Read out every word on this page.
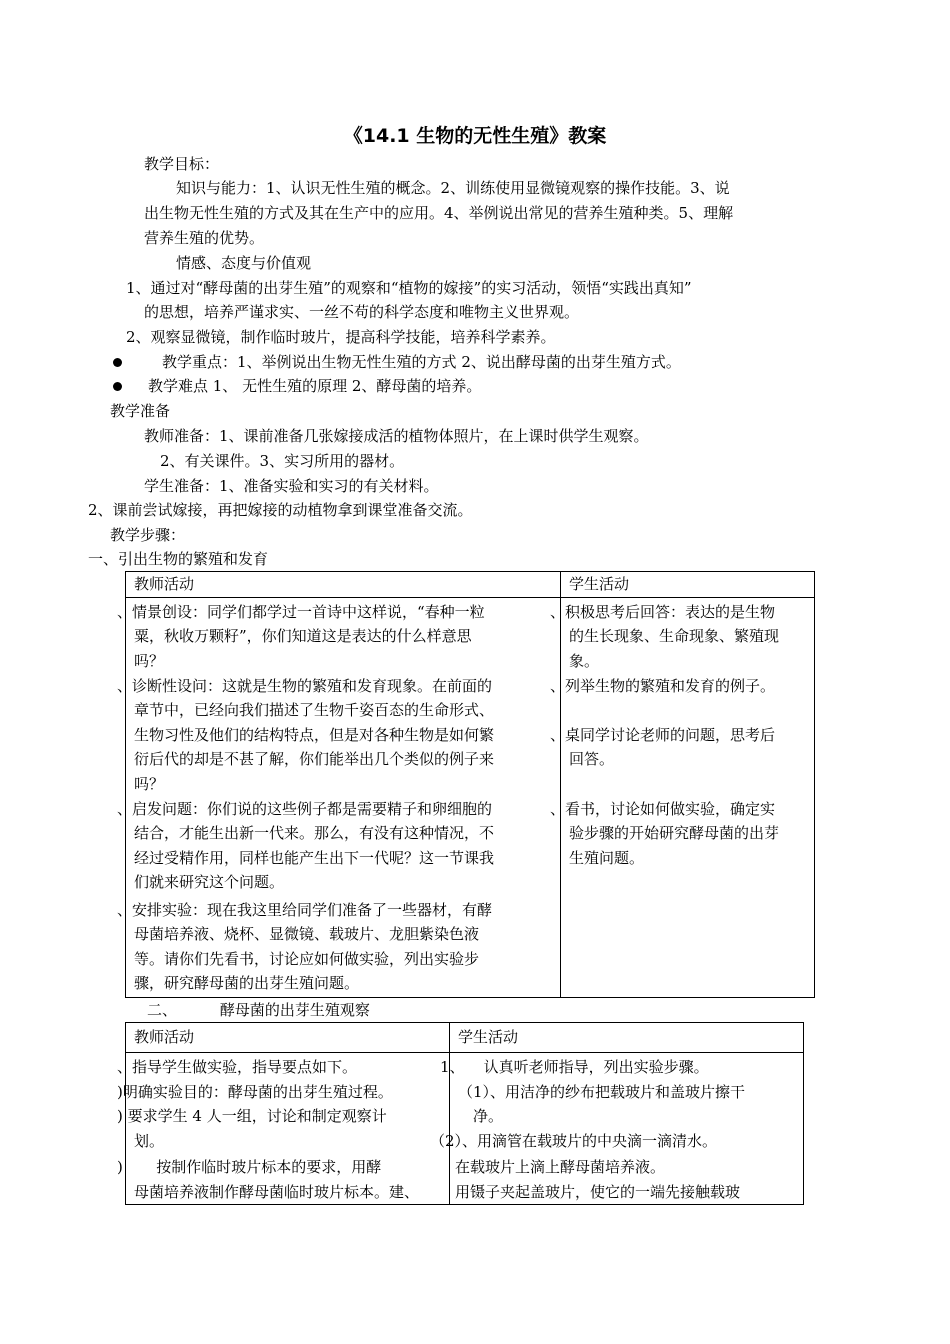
《14.1 生物的无性生殖》教案
教学目标：
知识与能力：1、认识无性生殖的概念。2、训练使用显微镜观察的操作技能。3、说
出生物无性生殖的方式及其在生产中的应用。4、举例说出常见的营养生殖种类。5、理解
营养生殖的优势。
情感、态度与价值观
1、通过对“酵母菌的出芽生殖”的观察和“植物的嫁接”的实习活动，领悟“实践出真知”
的思想，培养严谨求实、一丝不苟的科学态度和唯物主义世界观。
2、观察显微镜，制作临时玻片，提高科学技能，培养科学素养。
教学重点：1、举例说出生物无性生殖的方式 2、说出酵母菌的出芽生殖方式。
教学难点 1、 无性生殖的原理 2、酵母菌的培养。
教学准备
教师准备：1、课前准备几张嫁接成活的植物体照片，在上课时供学生观察。
2、有关课件。3、实习所用的器材。
学生准备：1、准备实验和实习的有关材料。
2、课前尝试嫁接，再把嫁接的动植物拿到课堂准备交流。
教学步骤：
一、引出生物的繁殖和发育
教师活动	学生活动
、情景创设：同学们都学过一首诗中这样说，“春种一粒
粟，秋收万颗籽”，你们知道这是表达的什么样意思
吗？
、诊断性设问：这就是生物的繁殖和发育现象。在前面的
章节中，已经向我们描述了生物千姿百态的生命形式、
生物习性及他们的结构特点，但是对各种生物是如何繁
衍后代的却是不甚了解，你们能举出几个类似的例子来
吗？
、启发问题：你们说的这些例子都是需要精子和卵细胞的
结合，才能生出新一代来。那么，有没有这种情况，不
经过受精作用，同样也能产生出下一代呢？这一节课我
们就来研究这个问题。
、安排实验：现在我这里给同学们准备了一些器材，有酵
母菌培养液、烧杯、显微镜、载玻片、龙胆紫染色液
等。请你们先看书，讨论应如何做实验，列出实验步
骤，研究酵母菌的出芽生殖问题。
、积极思考后回答：表达的是生物
的生长现象、生命现象、繁殖现
象。
、列举生物的繁殖和发育的例子。
、桌同学讨论老师的问题，思考后
回答。
、看书，讨论如何做实验，确定实
验步骤的开始研究酵母菌的出芽
生殖问题。
二、         酵母菌的出芽生殖观察
教师活动	学生活动
、指导学生做实验，指导要点如下。
)明确实验目的：酵母菌的出芽生殖过程。
) 要求学生 4 人一组，讨论和制定观察计
划。
)       按制作临时玻片标本的要求，用酵
母菌培养液制作酵母菌临时玻片标本。建、
1、    认真听老师指导，列出实验步骤。
（1）、用洁净的纱布把载玻片和盖玻片擦干
净。
（2）、用滴管在载玻片的中央滴一滴清水。
在载玻片上滴上酵母菌培养液。
用镊子夹起盖玻片，使它的一端先接触载玻
